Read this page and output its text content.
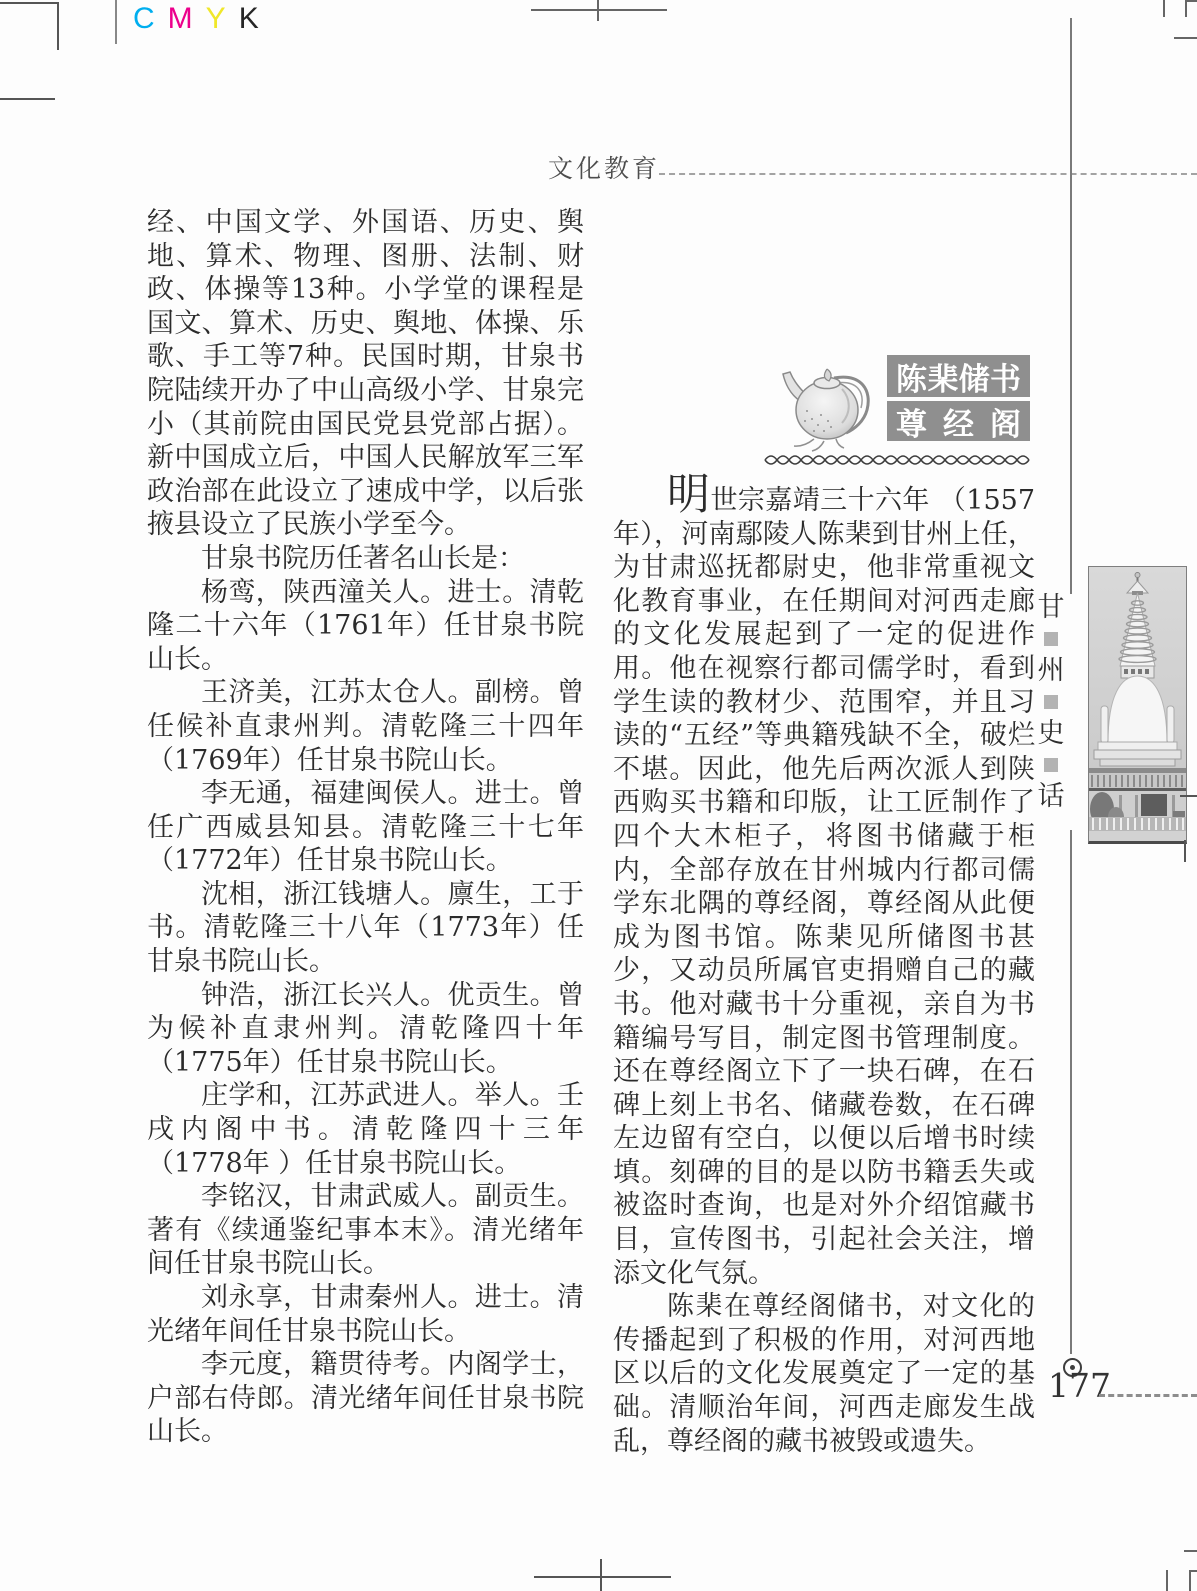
C M Y K
文化教育

经、中国文学、外国语、历史、舆地、算术、物理、图册、法制、财政、体操等13种。小学堂的课程是国文、算术、历史、舆地、体操、乐歌、手工等7种。民国时期，甘泉书院陆续开办了中山高级小学、甘泉完小（其前院由国民党县党部占据）。新中国成立后，中国人民解放军三军政治部在此设立了速成中学，以后张掖县设立了民族小学至今。

甘泉书院历任著名山长是：

杨鸾，陕西潼关人。进士。清乾隆二十六年（1761年）任甘泉书院山长。

王济美，江苏太仓人。副榜。曾任候补直隶州判。清乾隆三十四年（1769年）任甘泉书院山长。

李无通，福建闽侯人。进士。曾任广西威县知县。清乾隆三十七年（1772年）任甘泉书院山长。

沈相，浙江钱塘人。廪生，工于书。清乾隆三十八年（1773年）任甘泉书院山长。

钟浩，浙江长兴人。优贡生。曾为候补直隶州判。清乾隆四十年（1775年）任甘泉书院山长。

庄学和，江苏武进人。举人。壬戌内阁中书。清乾隆四十三年（1778年 ）任甘泉书院山长。

李铭汉，甘肃武威人。副贡生。著有《续通鉴纪事本末》。清光绪年间任甘泉书院山长。

刘永享，甘肃秦州人。进士。清光绪年间任甘泉书院山长。

李元度，籍贯待考。内阁学士，户部右侍郎。清光绪年间任甘泉书院山长。

陈 棐 储 书
尊 经 阁

明世宗嘉靖三十六年 （1557年），河南鄢陵人陈棐到甘州上任，为甘肃巡抚都尉史，他非常重视文化教育事业，在任期间对河西走廊的文化发展起到了一定的促进作用。他在视察行都司儒学时，看到学生读的教材少、范围窄，并且习读的“五经”等典籍残缺不全，破烂不堪。因此，他先后两次派人到陕西购买书籍和印版，让工匠制作了四个大木柜子，将图书储藏于柜内，全部存放在甘州城内行都司儒学东北隅的尊经阁，尊经阁从此便成为图书馆。陈棐见所储图书甚少，又动员所属官吏捐赠自己的藏书。他对藏书十分重视，亲自为书籍编号写目，制定图书管理制度。还在尊经阁立下了一块石碑，在石碑上刻上书名、储藏卷数，在石碑左边留有空白，以便以后增书时续填。刻碑的目的是以防书籍丢失或被盗时查询，也是对外介绍馆藏书目，宣传图书，引起社会关注，增添文化气氛。

陈棐在尊经阁储书，对文化的传播起到了积极的作用，对河西地区以后的文化发展奠定了一定的基础。清顺治年间，河西走廊发生战乱，尊经阁的藏书被毁或遗失。

甘
州
史
话
177
